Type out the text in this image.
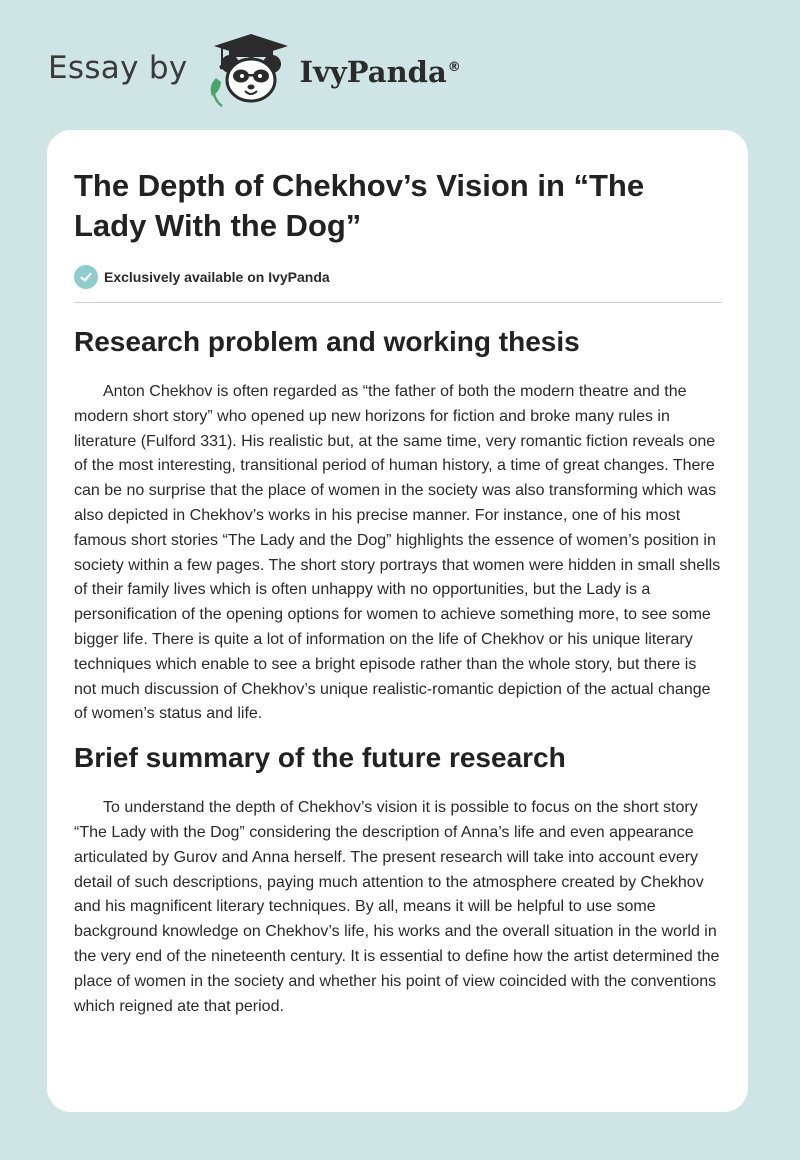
Essay by	IvyPanda®
The Depth of Chekhov’s Vision in “The Lady With the Dog”
Exclusively available on IvyPanda
Research problem and working thesis

Anton Chekhov is often regarded as “the father of both the modern theatre and the modern short story” who opened up new horizons for fiction and broke many rules in literature (Fulford 331). His realistic but, at the same time, very romantic fiction reveals one of the most interesting, transitional period of human history, a time of great changes. There can be no surprise that the place of women in the society was also transforming which was also depicted in Chekhov’s works in his precise manner. For instance, one of his most famous short stories “The Lady and the Dog” highlights the essence of women’s position in society within a few pages. The short story portrays that women were hidden in small shells of their family lives which is often unhappy with no opportunities, but the Lady is a personification of the opening options for women to achieve something more, to see some bigger life. There is quite a lot of information on the life of Chekhov or his unique literary techniques which enable to see a bright episode rather than the whole story, but there is not much discussion of Chekhov’s unique realistic-romantic depiction of the actual change of women’s status and life.

Brief summary of the future research

To understand the depth of Chekhov’s vision it is possible to focus on the short story “The Lady with the Dog” considering the description of Anna’s life and even appearance articulated by Gurov and Anna herself. The present research will take into account every detail of such descriptions, paying much attention to the atmosphere created by Chekhov and his magnificent literary techniques. By all, means it will be helpful to use some background knowledge on Chekhov’s life, his works and the overall situation in the world in the very end of the nineteenth century. It is essential to define how the artist determined the place of women in the society and whether his point of view coincided with the conventions which reigned ate that period.
